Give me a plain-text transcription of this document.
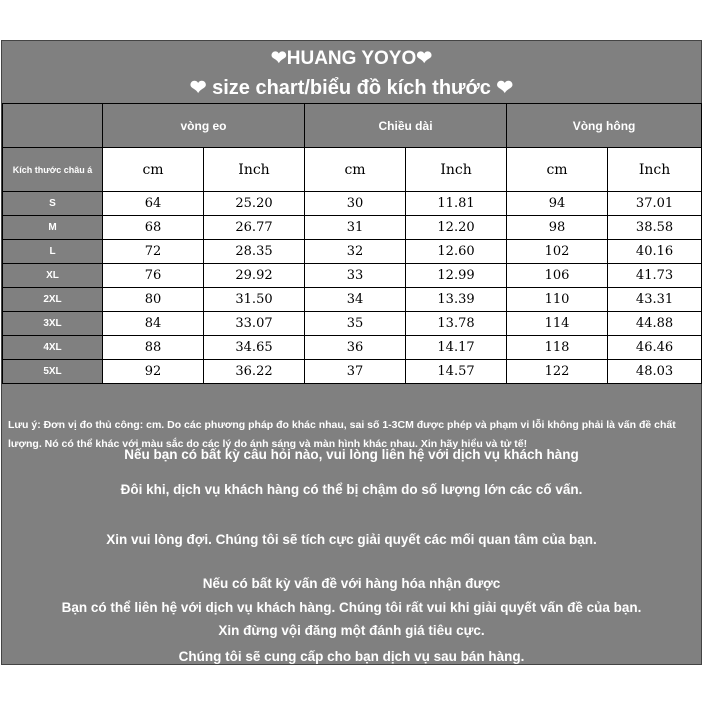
❤HUANG YOYO❤
❤ size chart/biểu đồ kích thước ❤
	vòng eo		Chiều dài		Vòng hông	
Kích thước châu á	cm	Inch	cm	Inch	cm	Inch
S	64	25.20	30	11.81	94	37.01
M	68	26.77	31	12.20	98	38.58
L	72	28.35	32	12.60	102	40.16
XL	76	29.92	33	12.99	106	41.73
2XL	80	31.50	34	13.39	110	43.31
3XL	84	33.07	35	13.78	114	44.88
4XL	88	34.65	36	14.17	118	46.46
5XL	92	36.22	37	14.57	122	48.03
Lưu ý: Đơn vị đo thủ công: cm. Do các phương pháp đo khác nhau, sai số 1-3CM được phép và phạm vi lỗi không phải là vấn đề chất lượng. Nó có thể khác với màu sắc do các lý do ánh sáng và màn hình khác nhau. Xin hãy hiểu và tử tế!
Nếu bạn có bất kỳ câu hỏi nào, vui lòng liên hệ với dịch vụ khách hàng
Đôi khi, dịch vụ khách hàng có thể bị chậm do số lượng lớn các cố vấn.
Xin vui lòng đợi. Chúng tôi sẽ tích cực giải quyết các mối quan tâm của bạn.
Nếu có bất kỳ vấn đề với hàng hóa nhận được
Bạn có thể liên hệ với dịch vụ khách hàng. Chúng tôi rất vui khi giải quyết vấn đề của bạn.
Xin đừng vội đăng một đánh giá tiêu cực.
Chúng tôi sẽ cung cấp cho bạn dịch vụ sau bán hàng.
